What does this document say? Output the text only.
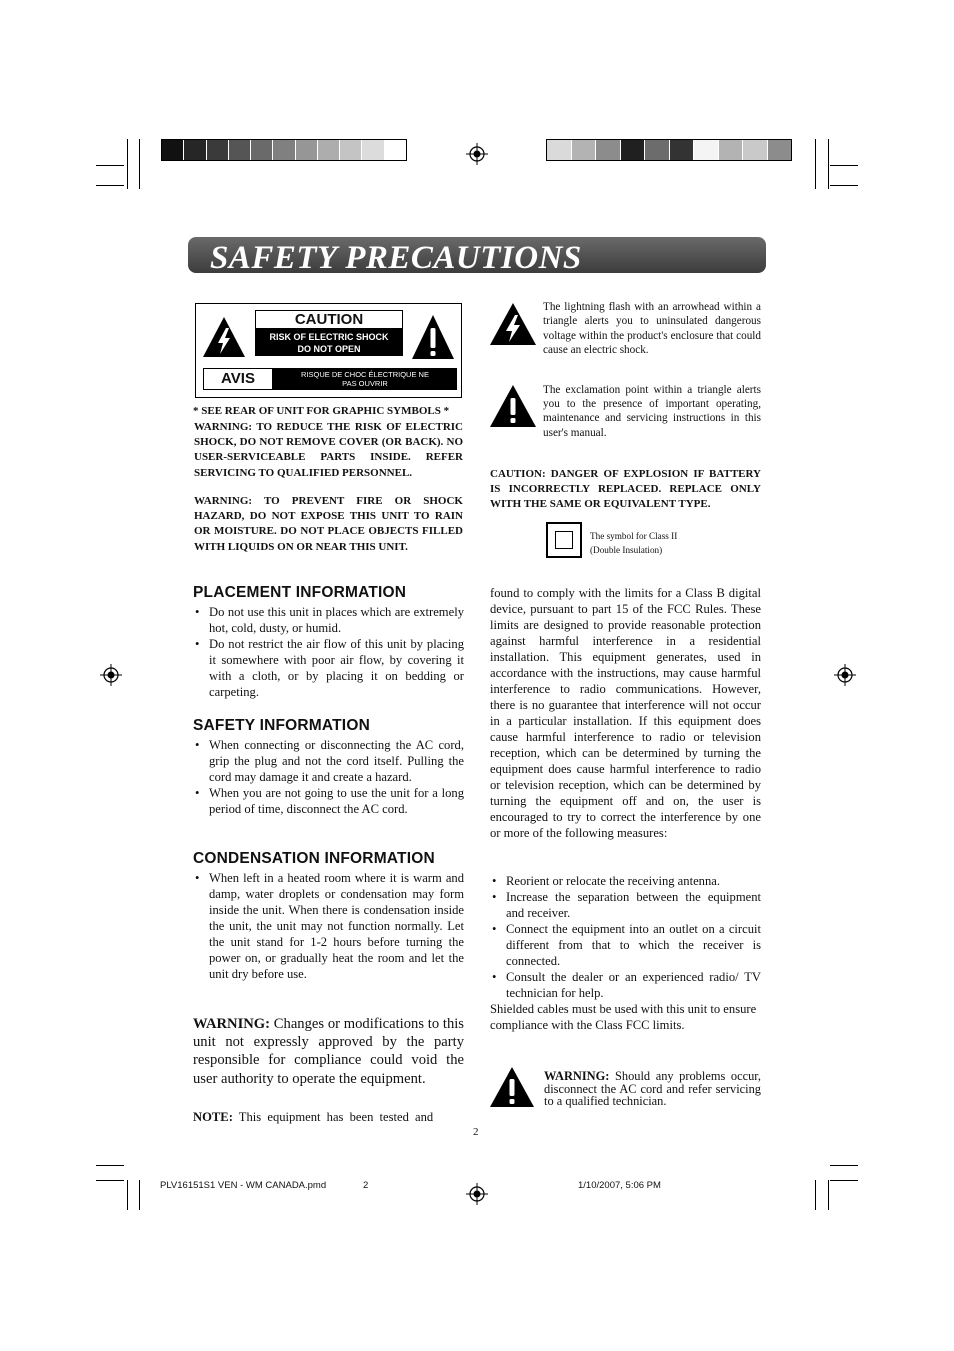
SAFETY PRECAUTIONS
CAUTION
RISK OF ELECTRIC SHOCK
DO NOT OPEN
AVIS	RISQUE DE CHOC ÉLECTRIQUE NE
PAS OUVRIR
* SEE REAR OF UNIT FOR GRAPHIC SYMBOLS *
WARNING: TO REDUCE THE RISK OF ELECTRIC SHOCK, DO NOT REMOVE COVER (OR BACK). NO USER-SERVICEABLE PARTS INSIDE. REFER SERVICING TO QUALIFIED PERSONNEL.
WARNING: TO PREVENT FIRE OR SHOCK HAZARD, DO NOT EXPOSE THIS UNIT TO RAIN OR MOISTURE. DO NOT PLACE OBJECTS FILLED WITH LIQUIDS ON OR NEAR THIS UNIT.
The lightning flash with an arrowhead within a triangle alerts you to uninsulated dangerous voltage within the product's enclosure that could cause an electric shock.
The exclamation point within a triangle alerts you to the presence of important operating, maintenance and servicing instructions in this user's manual.
CAUTION: DANGER OF EXPLOSION IF BATTERY IS INCORRECTLY REPLACED. REPLACE ONLY WITH THE SAME OR EQUIVALENT TYPE.
The symbol for Class II
(Double Insulation)
PLACEMENT INFORMATION
• Do not use this unit in places which are extremely hot, cold, dusty, or humid.
• Do not restrict the air flow of this unit by placing it somewhere with poor air flow, by covering it with a cloth, or by placing it on bedding or carpeting.
SAFETY INFORMATION
• When connecting or disconnecting the AC cord, grip the plug and not the cord itself. Pulling the cord may damage it and create a hazard.
• When you are not going to use the unit for a long period of time, disconnect the AC cord.
CONDENSATION INFORMATION
• When left in a heated room where it is warm and damp, water droplets or condensation may form inside the unit. When there is condensation inside the unit, the unit may not function normally. Let the unit stand for 1-2 hours before turning the power on, or gradually heat the room and let the unit dry before use.
WARNING: Changes or modifications to this unit not expressly approved by the party responsible for compliance could void the user authority to operate the equipment.
NOTE: This equipment has been tested and
found to comply with the limits for a Class B digital device, pursuant to part 15 of the FCC Rules. These limits are designed to provide reasonable protection against harmful interference in a residential installation. This equipment generates, used in accordance with the instructions, may cause harmful interference to radio communications. However, there is no guarantee that interference will not occur in a particular installation. If this equipment does cause harmful interference to radio or television reception, which can be determined by turning the equipment does cause harmful interference to radio or television reception, which can be determined by turning the equipment off and on, the user is encouraged to try to correct the interference by one or more of the following measures:
• Reorient or relocate the receiving antenna.
• Increase the separation between the equipment and receiver.
• Connect the equipment into an outlet on a circuit different from that to which the receiver is connected.
• Consult the dealer or an experienced radio/ TV technician for help.
Shielded cables must be used with this unit to ensure compliance with the Class FCC limits.
WARNING: Should any problems occur, disconnect the AC cord and refer servicing to a qualified technician.
2
PLV16151S1 VEN - WM CANADA.pmd	2	1/10/2007, 5:06 PM
